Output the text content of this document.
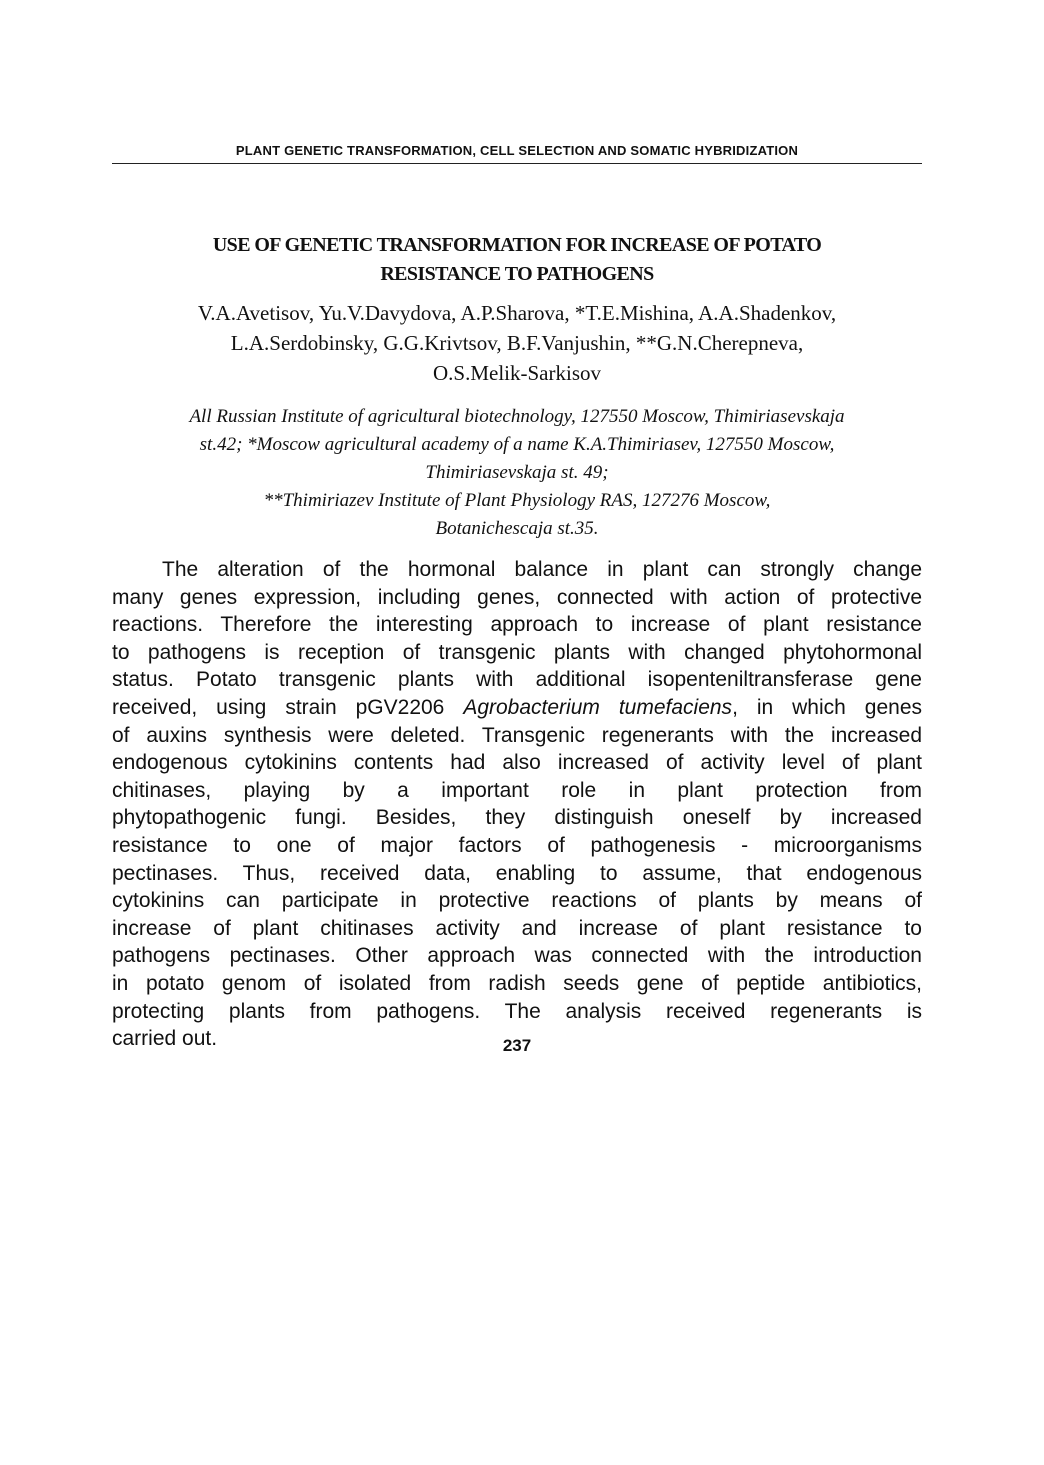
PLANT GENETIC TRANSFORMATION, CELL SELECTION AND SOMATIC HYBRIDIZATION
USE OF GENETIC TRANSFORMATION FOR INCREASE OF POTATO
RESISTANCE TO PATHOGENS
V.A.Avetisov, Yu.V.Davydova, A.P.Sharova, *T.E.Mishina, A.A.Shadenkov,
L.A.Serdobinsky, G.G.Krivtsov, B.F.Vanjushin, **G.N.Cherepneva,
O.S.Melik-Sarkisov
All Russian Institute of agricultural biotechnology, 127550 Moscow, Thimiriasevskaja
st.42; *Moscow agricultural academy of a name K.A.Thimiriasev, 127550 Moscow,
Thimiriasevskaja st. 49;
**Thimiriazev Institute of Plant Physiology RAS, 127276 Moscow,
Botanichescaja st.35.
The alteration of the hormonal balance in plant can strongly change
many genes expression, including genes, connected with action of protective
reactions. Therefore the interesting approach to increase of plant resistance
to pathogens is reception of transgenic plants with changed phytohormonal
status. Potato transgenic plants with additional isopenteniltransferase gene
received, using strain pGV2206 Agrobacterium tumefaciens, in which genes
of auxins synthesis were deleted. Transgenic regenerants with the increased
endogenous cytokinins contents had also increased of activity level of plant
chitinases, playing by a important role in plant protection from
phytopathogenic fungi. Besides, they distinguish oneself by increased
resistance to one of major factors of pathogenesis - microorganisms
pectinases. Thus, received data, enabling to assume, that endogenous
cytokinins can participate in protective reactions of plants by means of
increase of plant chitinases activity and increase of plant resistance to
pathogens pectinases. Other approach was connected with the introduction
in potato genom of isolated from radish seeds gene of peptide antibiotics,
protecting plants from pathogens. The analysis received regenerants is
carried out.	237
